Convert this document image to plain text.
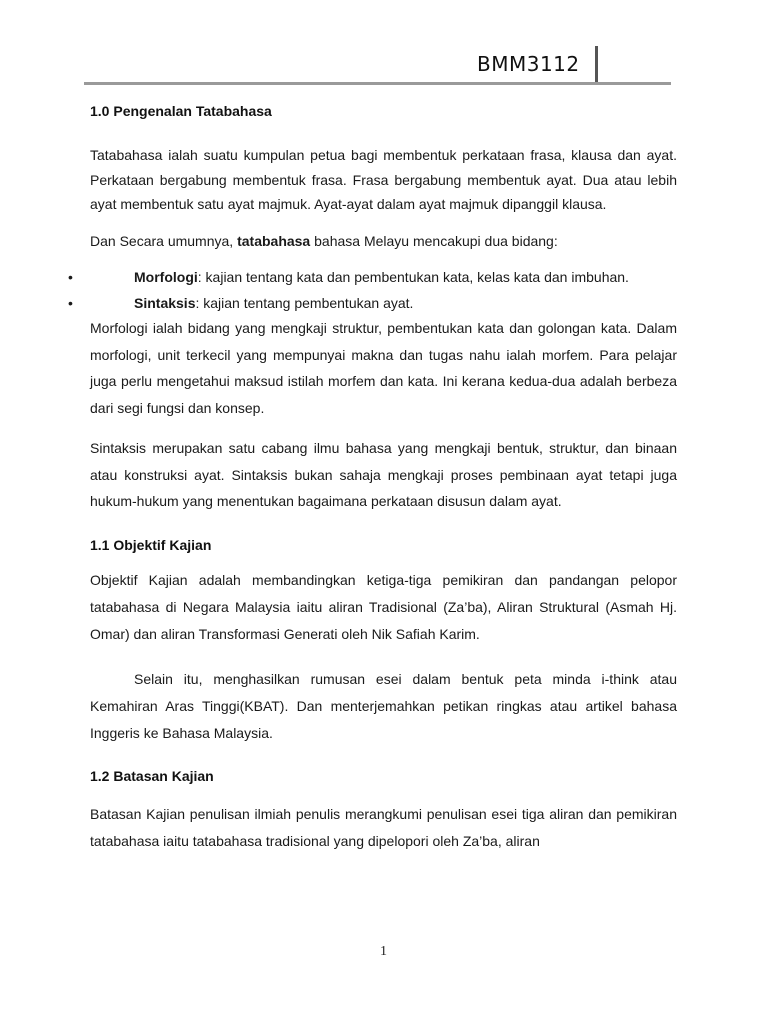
BMM3112
1.0 Pengenalan Tatabahasa

Tatabahasa ialah suatu kumpulan petua bagi membentuk perkataan frasa, klausa dan ayat. Perkataan bergabung membentuk frasa. Frasa bergabung membentuk ayat. Dua atau lebih ayat membentuk satu ayat majmuk. Ayat-ayat dalam ayat majmuk dipanggil klausa.

Dan Secara umumnya, tatabahasa bahasa Melayu mencakupi dua bidang:

•	Morfologi: kajian tentang kata dan pembentukan kata, kelas kata dan imbuhan.
•	Sintaksis: kajian tentang pembentukan ayat.

Morfologi ialah bidang yang mengkaji struktur, pembentukan kata dan golongan kata. Dalam morfologi, unit terkecil yang mempunyai makna dan tugas nahu ialah morfem. Para pelajar juga perlu mengetahui maksud istilah morfem dan kata. Ini kerana kedua-dua adalah berbeza dari segi fungsi dan konsep.

Sintaksis merupakan satu cabang ilmu bahasa yang mengkaji bentuk, struktur, dan binaan atau konstruksi ayat. Sintaksis bukan sahaja mengkaji proses pembinaan ayat tetapi juga hukum-hukum yang menentukan bagaimana perkataan disusun dalam ayat.

1.1 Objektif Kajian

Objektif Kajian adalah membandingkan ketiga-tiga pemikiran dan pandangan pelopor tatabahasa di Negara Malaysia iaitu aliran Tradisional (Za’ba), Aliran Struktural (Asmah Hj. Omar) dan aliran Transformasi Generati oleh Nik Safiah Karim.

Selain itu, menghasilkan rumusan esei dalam bentuk peta minda i-think atau Kemahiran Aras Tinggi(KBAT). Dan menterjemahkan petikan ringkas atau artikel bahasa Inggeris ke Bahasa Malaysia.

1.2 Batasan Kajian

Batasan Kajian penulisan ilmiah penulis merangkumi penulisan esei tiga aliran dan pemikiran tatabahasa iaitu tatabahasa tradisional yang dipelopori oleh Za’ba, aliran

1
